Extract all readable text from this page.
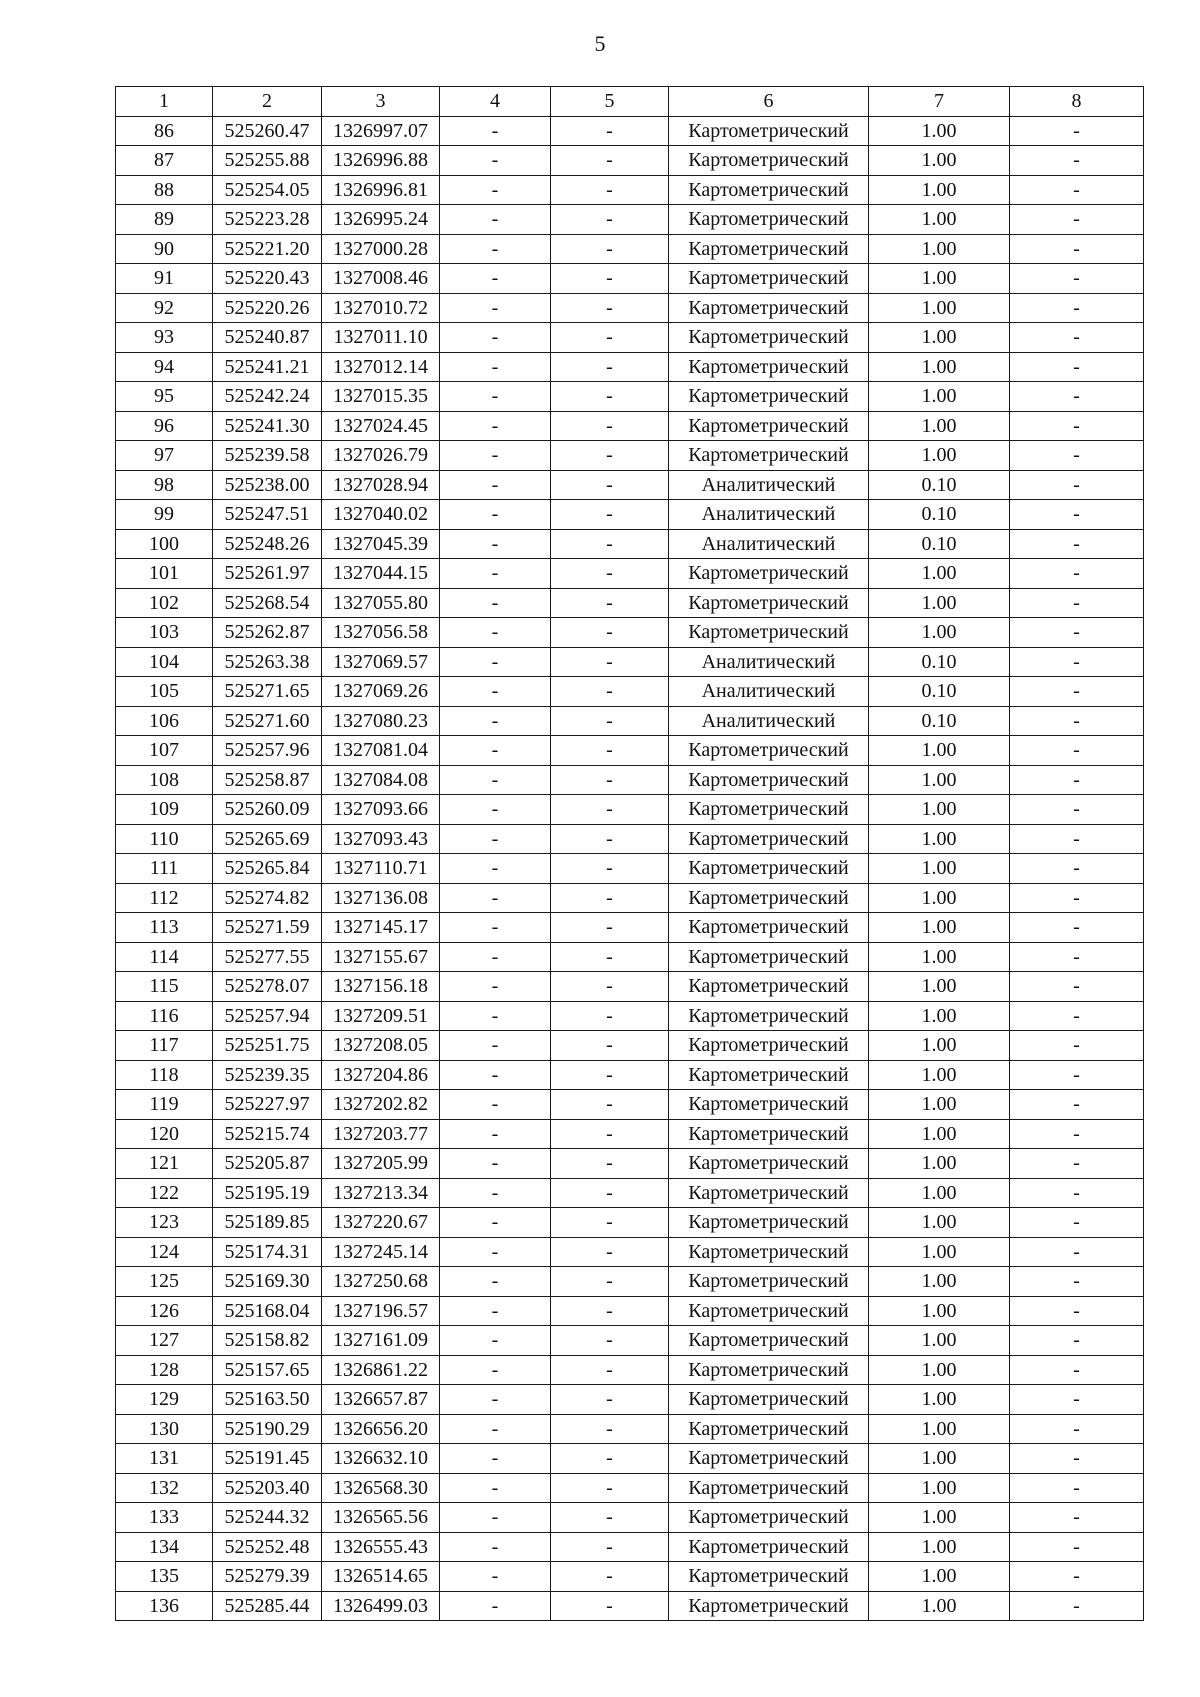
5
1	2	3	4	5	6	7	8
86	525260.47	1326997.07	-	-	Картометрический	1.00	-
87	525255.88	1326996.88	-	-	Картометрический	1.00	-
88	525254.05	1326996.81	-	-	Картометрический	1.00	-
89	525223.28	1326995.24	-	-	Картометрический	1.00	-
90	525221.20	1327000.28	-	-	Картометрический	1.00	-
91	525220.43	1327008.46	-	-	Картометрический	1.00	-
92	525220.26	1327010.72	-	-	Картометрический	1.00	-
93	525240.87	1327011.10	-	-	Картометрический	1.00	-
94	525241.21	1327012.14	-	-	Картометрический	1.00	-
95	525242.24	1327015.35	-	-	Картометрический	1.00	-
96	525241.30	1327024.45	-	-	Картометрический	1.00	-
97	525239.58	1327026.79	-	-	Картометрический	1.00	-
98	525238.00	1327028.94	-	-	Аналитический	0.10	-
99	525247.51	1327040.02	-	-	Аналитический	0.10	-
100	525248.26	1327045.39	-	-	Аналитический	0.10	-
101	525261.97	1327044.15	-	-	Картометрический	1.00	-
102	525268.54	1327055.80	-	-	Картометрический	1.00	-
103	525262.87	1327056.58	-	-	Картометрический	1.00	-
104	525263.38	1327069.57	-	-	Аналитический	0.10	-
105	525271.65	1327069.26	-	-	Аналитический	0.10	-
106	525271.60	1327080.23	-	-	Аналитический	0.10	-
107	525257.96	1327081.04	-	-	Картометрический	1.00	-
108	525258.87	1327084.08	-	-	Картометрический	1.00	-
109	525260.09	1327093.66	-	-	Картометрический	1.00	-
110	525265.69	1327093.43	-	-	Картометрический	1.00	-
111	525265.84	1327110.71	-	-	Картометрический	1.00	-
112	525274.82	1327136.08	-	-	Картометрический	1.00	-
113	525271.59	1327145.17	-	-	Картометрический	1.00	-
114	525277.55	1327155.67	-	-	Картометрический	1.00	-
115	525278.07	1327156.18	-	-	Картометрический	1.00	-
116	525257.94	1327209.51	-	-	Картометрический	1.00	-
117	525251.75	1327208.05	-	-	Картометрический	1.00	-
118	525239.35	1327204.86	-	-	Картометрический	1.00	-
119	525227.97	1327202.82	-	-	Картометрический	1.00	-
120	525215.74	1327203.77	-	-	Картометрический	1.00	-
121	525205.87	1327205.99	-	-	Картометрический	1.00	-
122	525195.19	1327213.34	-	-	Картометрический	1.00	-
123	525189.85	1327220.67	-	-	Картометрический	1.00	-
124	525174.31	1327245.14	-	-	Картометрический	1.00	-
125	525169.30	1327250.68	-	-	Картометрический	1.00	-
126	525168.04	1327196.57	-	-	Картометрический	1.00	-
127	525158.82	1327161.09	-	-	Картометрический	1.00	-
128	525157.65	1326861.22	-	-	Картометрический	1.00	-
129	525163.50	1326657.87	-	-	Картометрический	1.00	-
130	525190.29	1326656.20	-	-	Картометрический	1.00	-
131	525191.45	1326632.10	-	-	Картометрический	1.00	-
132	525203.40	1326568.30	-	-	Картометрический	1.00	-
133	525244.32	1326565.56	-	-	Картометрический	1.00	-
134	525252.48	1326555.43	-	-	Картометрический	1.00	-
135	525279.39	1326514.65	-	-	Картометрический	1.00	-
136	525285.44	1326499.03	-	-	Картометрический	1.00	-
